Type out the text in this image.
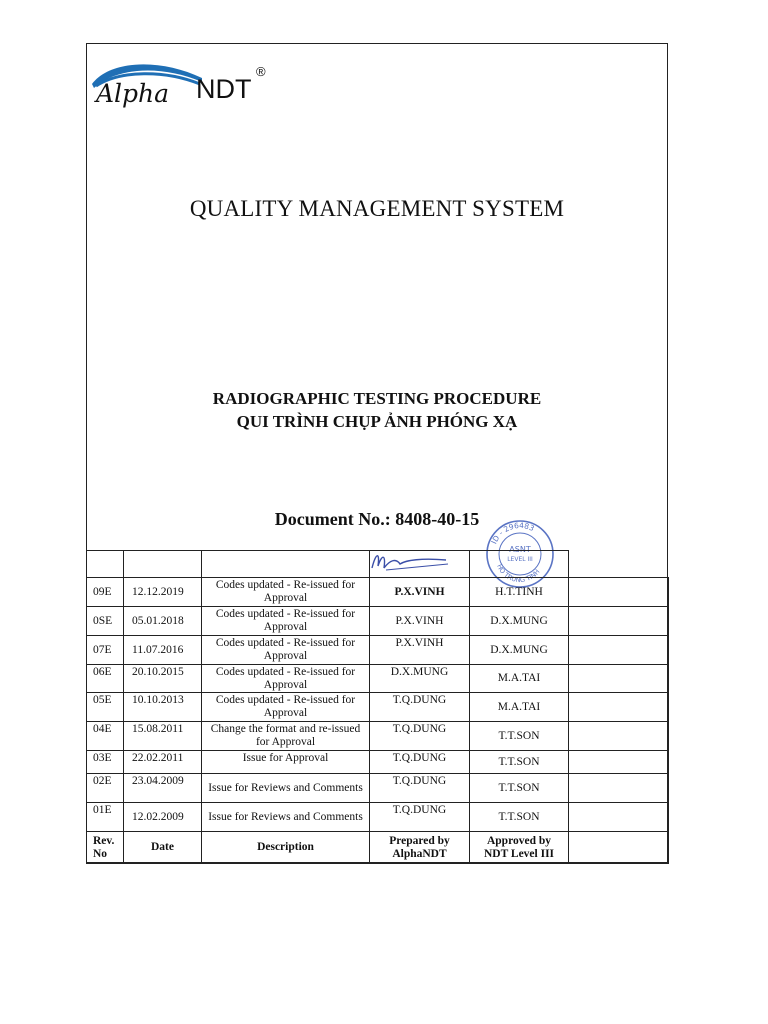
Alpha NDT
®
QUALITY MANAGEMENT SYSTEM
RADIOGRAPHIC TESTING PROCEDURE
QUI TRÌNH CHỤP ẢNH PHÓNG XẠ
Document No.: 8408-40-15
ID - 296483
HO TRUNG TINH
ASNT
LEVEL III

09E	12.12.2019	Codes updated - Re-issued for Approval	P.X.VINH	H.T.TINH	
0SE	05.01.2018	Codes updated - Re-issued for Approval	P.X.VINH	D.X.MUNG	
07E	11.07.2016	Codes updated - Re-issued for Approval	P.X.VINH	D.X.MUNG	
06E	20.10.2015	Codes updated - Re-issued for Approval	D.X.MUNG	M.A.TAI	
05E	10.10.2013	Codes updated - Re-issued for Approval	T.Q.DUNG	M.A.TAI	
04E	15.08.2011	Change the format and re-issued for Approval	T.Q.DUNG	T.T.SON	
03E	22.02.2011	Issue for Approval	T.Q.DUNG	T.T.SON	
02E	23.04.2009	Issue for Reviews and Comments	T.Q.DUNG	T.T.SON	
01E	12.02.2009	Issue for Reviews and Comments	T.Q.DUNG	T.T.SON	
Rev. No	Date	Description	Prepared by AlphaNDT	Approved by NDT Level III	
